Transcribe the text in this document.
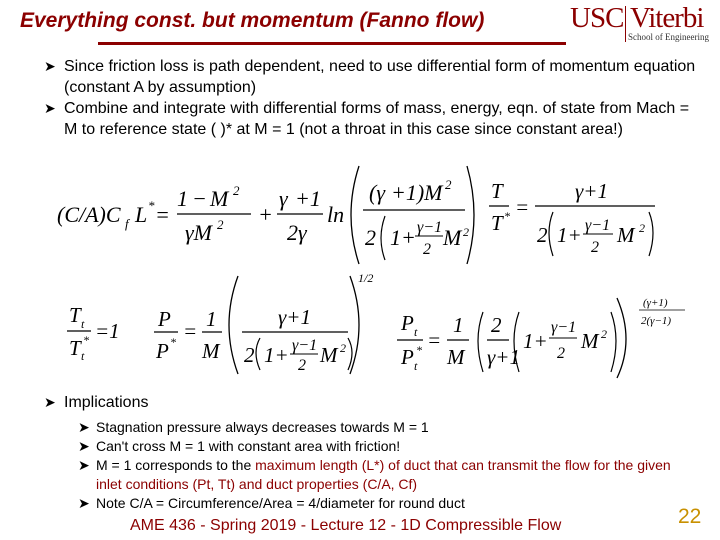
Everything const. but momentum (Fanno flow)	USC Viterbi
School of Engineering
➤ Since friction loss is path dependent, need to use differential form of momentum equation (constant A by assumption)
➤ Combine and integrate with differential forms of mass, energy, eqn. of state from Mach = M to reference state ( )* at M = 1 (not a throat in this case since constant area!)
(C/A)C f L * =
1 − M 2
γM 2 +
γ +1
2γ
ln
(γ +1)M 2
2 1+ γ−1
2 M 2
T
T * =
γ+1
2 1+ γ−1
2
M 2
T t
T t
* =1 P
P * = 1
M
γ+1
2 1+ γ−1
2 M 2
1/2
P t
P t
* =
1
M
2
γ+1
1+
γ−1
2
M 2
(γ+1)
2(γ−1)
➤ Implications
➤ Stagnation pressure always decreases towards M = 1
➤ Can't cross M = 1 with constant area with friction!
➤ M = 1 corresponds to the maximum length (L*) of duct that can transmit the flow for the given inlet conditions (Pt, Tt) and duct properties (C/A, Cf)
➤ Note C/A = Circumference/Area = 4/diameter for round duct
AME 436 - Spring 2019 - Lecture 12 - 1D Compressible Flow	22
